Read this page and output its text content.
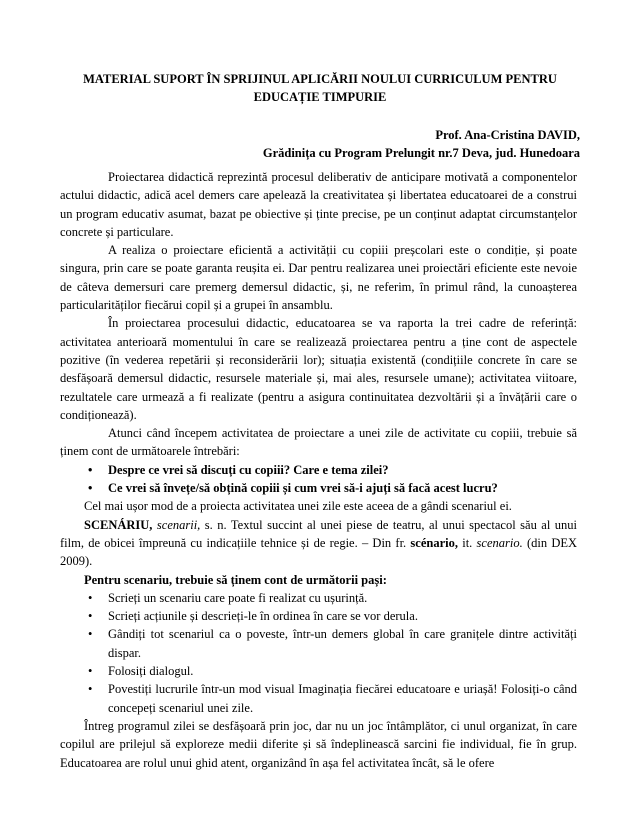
MATERIAL SUPORT ÎN SPRIJINUL APLICĂRII NOULUI CURRICULUM PENTRU
EDUCAȚIE TIMPURIE
Prof. Ana-Cristina DAVID,
Grădinița cu Program Prelungit nr.7 Deva, jud. Hunedoara

Proiectarea didactică reprezintă procesul deliberativ de anticipare motivată a componentelor actului didactic, adică acel demers care apelează la creativitatea și libertatea educatoarei de a construi un program educativ asumat, bazat pe obiective și ținte precise, pe un conținut adaptat circumstanțelor concrete și particulare.

A realiza o proiectare eficientă a activității cu copiii preșcolari este o condiție, și poate singura, prin care se poate garanta reușita ei. Dar pentru realizarea unei proiectări eficiente este nevoie de câteva demersuri care premerg demersul didactic, și, ne referim, în primul rând, la cunoașterea particularităților fiecărui copil și a grupei în ansamblu.

În proiectarea procesului didactic, educatoarea se va raporta la trei cadre de referință: activitatea anterioară momentului în care se realizează proiectarea pentru a ține cont de aspectele pozitive (în vederea repetării și reconsiderării lor); situația existentă (condițiile concrete în care se desfășoară demersul didactic, resursele materiale și, mai ales, resursele umane); activitatea viitoare, rezultatele care urmează a fi realizate (pentru a asigura continuitatea dezvoltării și a învățării care o condiționează).

Atunci când începem activitatea de proiectare a unei zile de activitate cu copiii, trebuie să ținem cont de următoarele întrebări:

• Despre ce vrei să discuți cu copiii? Care e tema zilei?
• Ce vrei să învețe/să obțină copiii și cum vrei să-i ajuți să facă acest lucru?

Cel mai ușor mod de a proiecta activitatea unei zile este aceea de a gândi scenariul ei.

SCENÁRIU, scenarii, s. n. Textul succint al unei piese de teatru, al unui spectacol său al unui film, de obicei împreună cu indicațiile tehnice și de regie. – Din fr. scénario, it. scenario. (din DEX 2009).

Pentru scenariu, trebuie să ținem cont de următorii pași:

• Scrieți un scenariu care poate fi realizat cu ușurință.
• Scrieți acțiunile și descrieți-le în ordinea în care se vor derula.
• Gândiți tot scenariul ca o poveste, într-un demers global în care granițele dintre activități dispar.
• Folosiți dialogul.
• Povestiți lucrurile într-un mod visual Imaginația fiecărei educatoare e uriașă! Folosiți-o când concepeți scenariul unei zile.

Întreg programul zilei se desfășoară prin joc, dar nu un joc întâmplător, ci unul organizat, în care copilul are prilejul să exploreze medii diferite și să îndeplinească sarcini fie individual, fie în grup. Educatoarea are rolul unui ghid atent, organizând în așa fel activitatea încât, să le ofere
